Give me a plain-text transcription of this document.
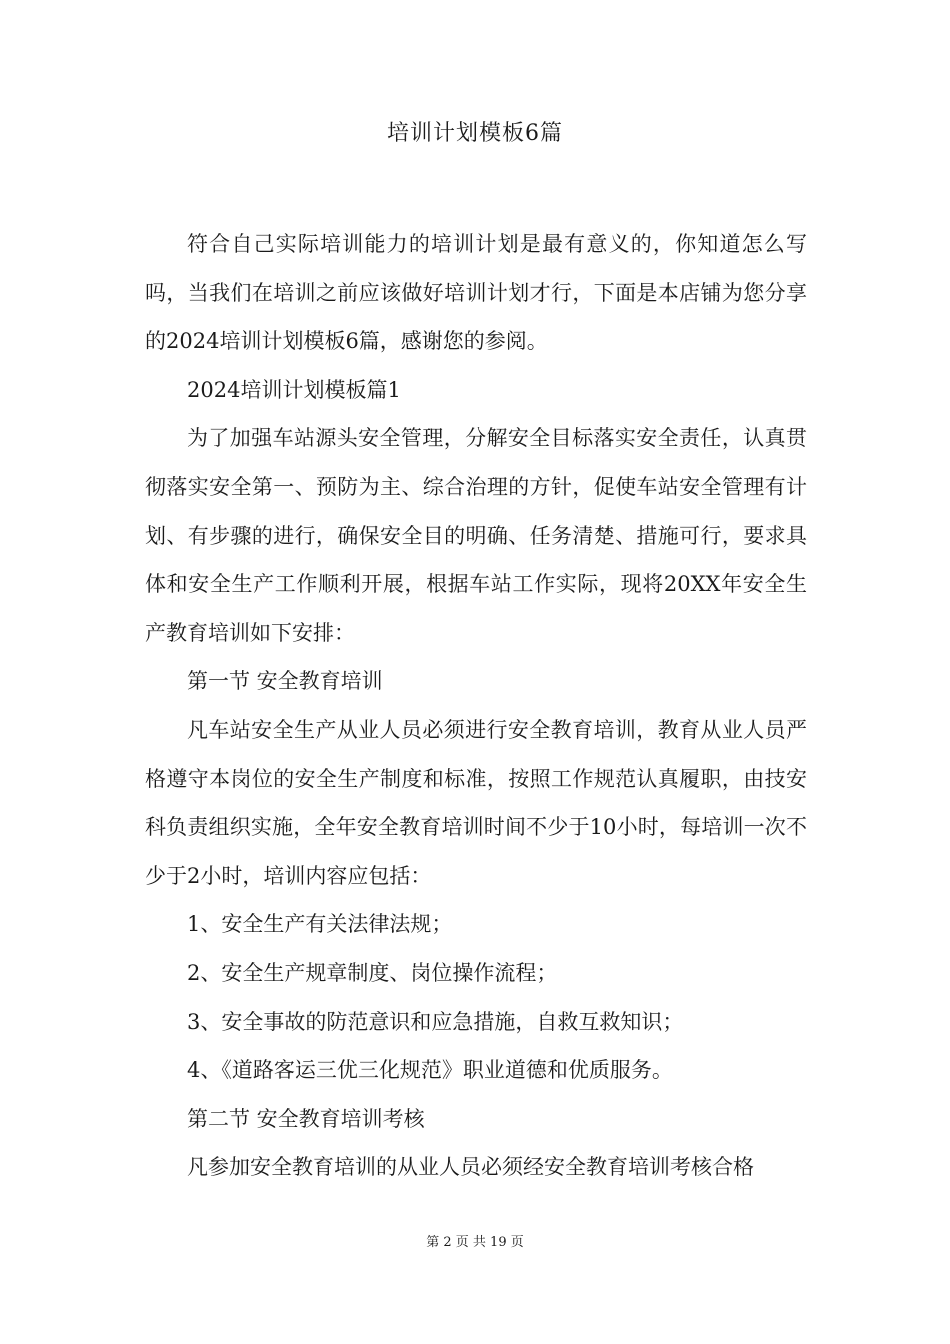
培训计划模板6篇

符合自己实际培训能力的培训计划是最有意义的，你知道怎么写吗，当我们在培训之前应该做好培训计划才行，下面是本店铺为您分享的2024培训计划模板6篇，感谢您的参阅。

2024培训计划模板篇1

为了加强车站源头安全管理，分解安全目标落实安全责任，认真贯彻落实安全第一、预防为主、综合治理的方针，促使车站安全管理有计划、有步骤的进行，确保安全目的明确、任务清楚、措施可行，要求具体和安全生产工作顺利开展，根据车站工作实际，现将20XX年安全生产教育培训如下安排：

第一节 安全教育培训

凡车站安全生产从业人员必须进行安全教育培训，教育从业人员严格遵守本岗位的安全生产制度和标准，按照工作规范认真履职，由技安科负责组织实施，全年安全教育培训时间不少于10小时，每培训一次不少于2小时，培训内容应包括：

1、安全生产有关法律法规；

2、安全生产规章制度、岗位操作流程；

3、安全事故的防范意识和应急措施，自救互救知识；

4、《道路客运三优三化规范》职业道德和优质服务。

第二节 安全教育培训考核

凡参加安全教育培训的从业人员必须经安全教育培训考核合格

第 2 页 共 19 页
